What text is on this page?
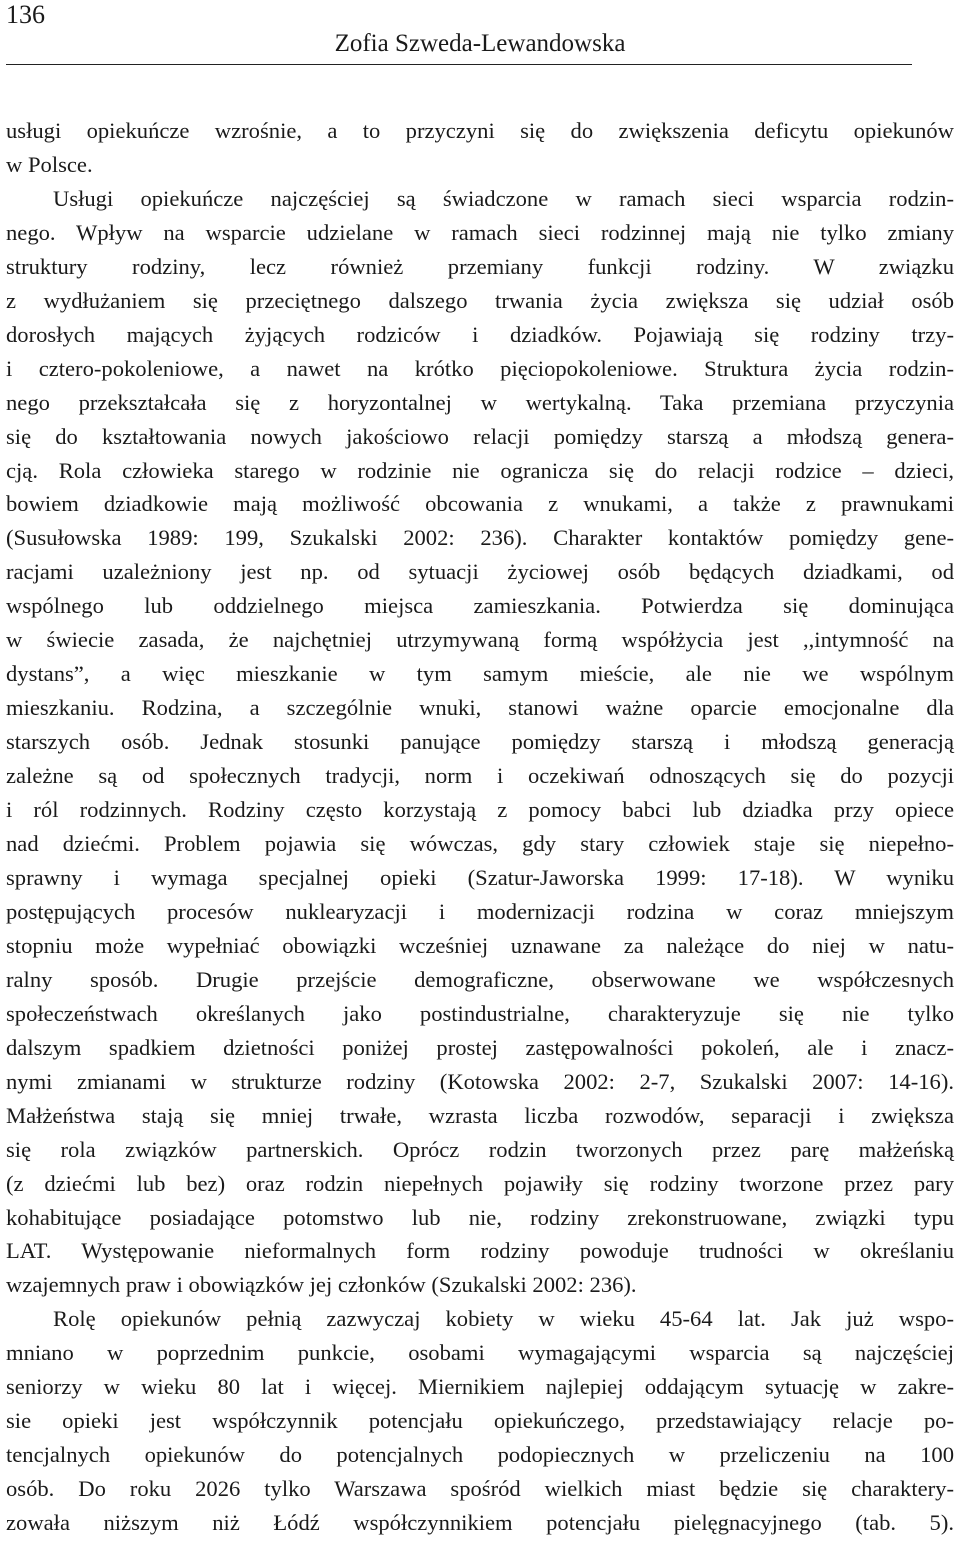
136
Zofia Szweda-Lewandowska
usługi opiekuńcze wzrośnie, a to przyczyni się do zwiększenia deficytu opiekunów
w Polsce.
Usługi opiekuńcze najczęściej są świadczone w ramach sieci wsparcia rodzin-
nego. Wpływ na wsparcie udzielane w ramach sieci rodzinnej mają nie tylko zmiany
struktury rodziny, lecz również przemiany funkcji rodziny. W związku
z wydłużaniem się przeciętnego dalszego trwania życia zwiększa się udział osób
dorosłych mających żyjących rodziców i dziadków. Pojawiają się rodziny trzy-
i cztero-pokoleniowe, a nawet na krótko pięciopokoleniowe. Struktura życia rodzin-
nego przekształcała się z horyzontalnej w wertykalną. Taka przemiana przyczynia
się do kształtowania nowych jakościowo relacji pomiędzy starszą a młodszą genera-
cją. Rola człowieka starego w rodzinie nie ogranicza się do relacji rodzice – dzieci,
bowiem dziadkowie mają możliwość obcowania z wnukami, a także z prawnukami
(Susułowska 1989: 199, Szukalski 2002: 236). Charakter kontaktów pomiędzy gene-
racjami uzależniony jest np. od sytuacji życiowej osób będących dziadkami, od
wspólnego lub oddzielnego miejsca zamieszkania. Potwierdza się dominująca
w świecie zasada, że najchętniej utrzymywaną formą współżycia jest ,,intymność na
dystans”, a więc mieszkanie w tym samym mieście, ale nie we wspólnym
mieszkaniu. Rodzina, a szczególnie wnuki, stanowi ważne oparcie emocjonalne dla
starszych osób. Jednak stosunki panujące pomiędzy starszą i młodszą generacją
zależne są od społecznych tradycji, norm i oczekiwań odnoszących się do pozycji
i ról rodzinnych. Rodziny często korzystają z pomocy babci lub dziadka przy opiece
nad dziećmi. Problem pojawia się wówczas, gdy stary człowiek staje się niepełno-
sprawny i wymaga specjalnej opieki (Szatur-Jaworska 1999: 17-18). W wyniku
postępujących procesów nuklearyzacji i modernizacji rodzina w coraz mniejszym
stopniu może wypełniać obowiązki wcześniej uznawane za należące do niej w natu-
ralny sposób. Drugie przejście demograficzne, obserwowane we współczesnych
społeczeństwach określanych jako postindustrialne, charakteryzuje się nie tylko
dalszym spadkiem dzietności poniżej prostej zastępowalności pokoleń, ale i znacz-
nymi zmianami w strukturze rodziny (Kotowska 2002: 2-7, Szukalski 2007: 14-16).
Małżeństwa stają się mniej trwałe, wzrasta liczba rozwodów, separacji i zwiększa
się rola związków partnerskich. Oprócz rodzin tworzonych przez parę małżeńską
(z dziećmi lub bez) oraz rodzin niepełnych pojawiły się rodziny tworzone przez pary
kohabitujące posiadające potomstwo lub nie, rodziny zrekonstruowane, związki typu
LAT. Występowanie nieformalnych form rodziny powoduje trudności w określaniu
wzajemnych praw i obowiązków jej członków (Szukalski 2002: 236).
Rolę opiekunów pełnią zazwyczaj kobiety w wieku 45-64 lat. Jak już wspo-
mniano w poprzednim punkcie, osobami wymagającymi wsparcia są najczęściej
seniorzy w wieku 80 lat i więcej. Miernikiem najlepiej oddającym sytuację w zakre-
sie opieki jest współczynnik potencjału opiekuńczego, przedstawiający relacje po-
tencjalnych opiekunów do potencjalnych podopiecznych w przeliczeniu na 100
osób. Do roku 2026 tylko Warszawa spośród wielkich miast będzie się charaktery-
zowała niższym niż Łódź współczynnikiem potencjału pielęgnacyjnego (tab. 5).
